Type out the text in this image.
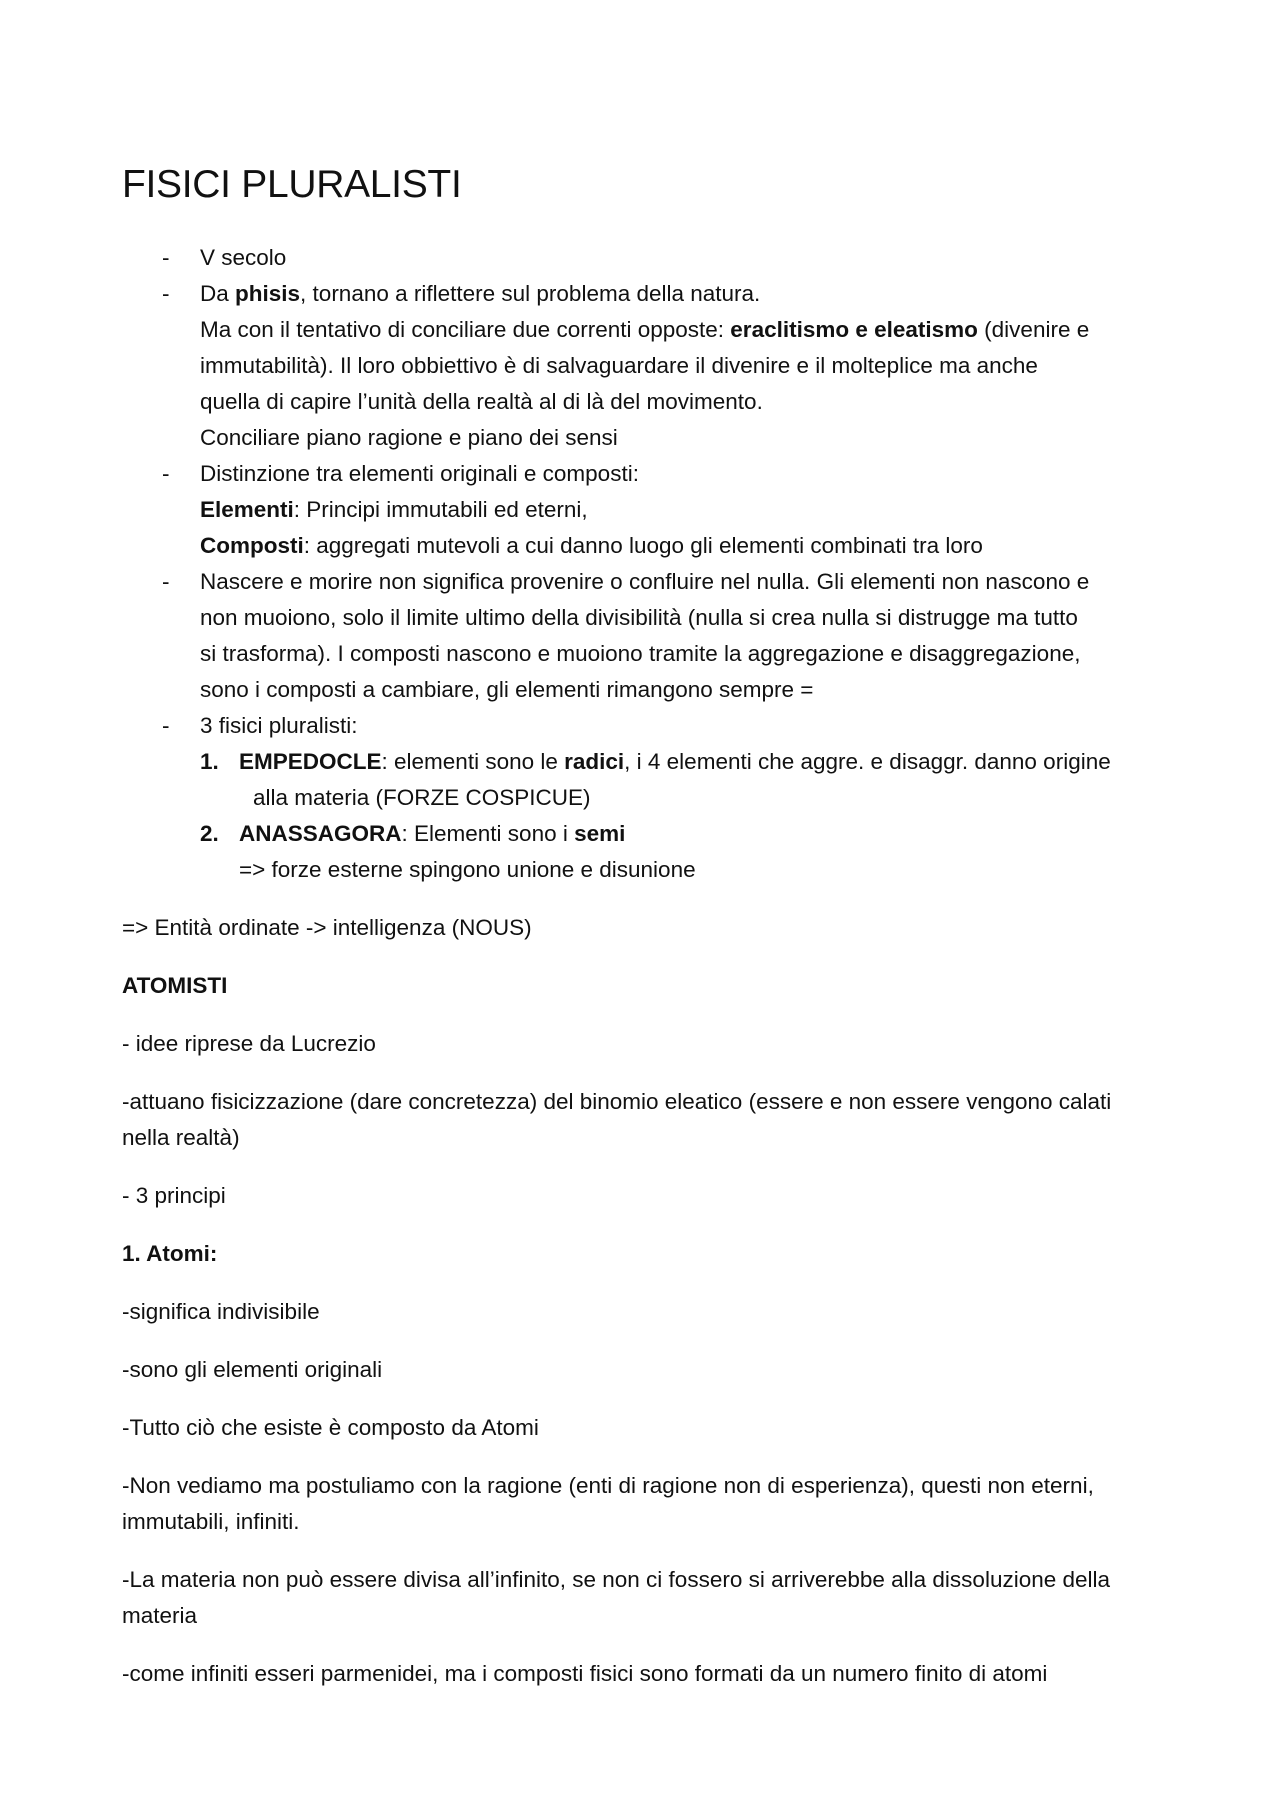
FISICI PLURALISTI
- V secolo
- Da phisis, tornano a riflettere sul problema della natura.
Ma con il tentativo di conciliare due correnti opposte: eraclitismo e eleatismo (divenire e
immutabilità). Il loro obbiettivo è di salvaguardare il divenire e il molteplice ma anche
quella di capire l’unità della realtà al di là del movimento.
Conciliare piano ragione e piano dei sensi
- Distinzione tra elementi originali e composti:
Elementi: Principi immutabili ed eterni,
Composti: aggregati mutevoli a cui danno luogo gli elementi combinati tra loro
- Nascere e morire non significa provenire o confluire nel nulla. Gli elementi non nascono e
non muoiono, solo il limite ultimo della divisibilità (nulla si crea nulla si distrugge ma tutto
si trasforma). I composti nascono e muoiono tramite la aggregazione e disaggregazione,
sono i composti a cambiare, gli elementi rimangono sempre =
- 3 fisici pluralisti:
1. EMPEDOCLE: elementi sono le radici, i 4 elementi che aggre. e disaggr. danno origine
alla materia (FORZE COSPICUE)
2. ANASSAGORA: Elementi sono i semi
=> forze esterne spingono unione e disunione
=> Entità ordinate -> intelligenza (NOUS)
ATOMISTI
- idee riprese da Lucrezio
-attuano fisicizzazione (dare concretezza) del binomio eleatico (essere e non essere vengono calati
nella realtà)
- 3 principi
1. Atomi:
-significa indivisibile
-sono gli elementi originali
-Tutto ciò che esiste è composto da Atomi
-Non vediamo ma postuliamo con la ragione (enti di ragione non di esperienza), questi non eterni,
immutabili, infiniti.
-La materia non può essere divisa all’infinito, se non ci fossero si arriverebbe alla dissoluzione della
materia
-come infiniti esseri parmenidei, ma i composti fisici sono formati da un numero finito di atomi
